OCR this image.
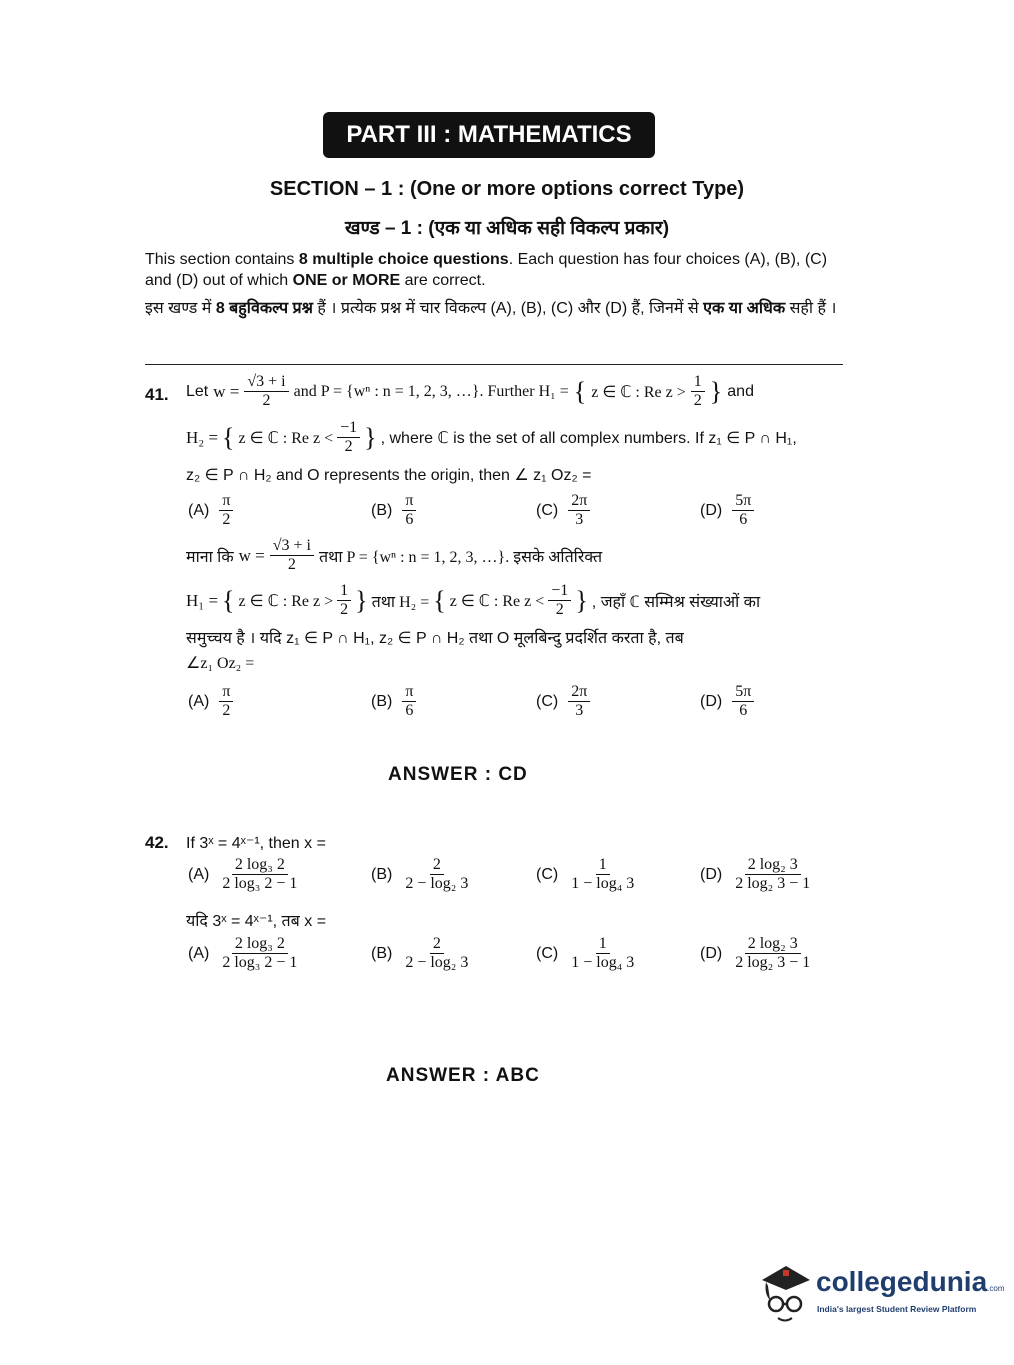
PART III : MATHEMATICS
SECTION – 1 : (One or more options correct Type)
खण्ड – 1 : (एक या अधिक सही विकल्प प्रकार)
This section contains 8 multiple choice questions. Each question has four choices (A), (B), (C) and (D) out of which ONE or MORE are correct.
इस खण्ड में 8 बहुविकल्प प्रश्न हैं । प्रत्येक प्रश्न में चार विकल्प (A), (B), (C) और (D) हैं, जिनमें से एक या अधिक सही हैं ।
41. Let $w = \frac{√3 + i}{2}$ and P = {wⁿ : n = 1, 2, 3, …}. Further H₁ = { z ∈ ℂ : Re $z > \frac{1}{2}$ } and
H₂ = { z ∈ ℂ : Re $z < \frac{-1}{2}$ } , where ℂ is the set of all complex numbers. If z₁ ∈ P ∩ H₁,
z₂ ∈ P ∩ H₂ and O represents the origin, then ∠ z₁ Oz₂ =
$(A) \frac{\pi}{2}$	$(B) \frac{\pi}{6}$	$(C) \frac{2\pi}{3}$	$(D) \frac{5\pi}{6}$
माना कि $w = \frac{√3 + i}{2}$ तथा P = {wⁿ : n = 1, 2, 3, …}. इसके अतिरिक्त
H₁ = { z ∈ ℂ : Re $z > \frac{1}{2}$ } तथा H₂ = { z ∈ ℂ : Re $z < \frac{-1}{2}$ } , जहाँ ℂ सम्मिश्र संख्याओं का
समुच्चय है । यदि z₁ ∈ P ∩ H₁, z₂ ∈ P ∩ H₂ तथा O मूलबिन्दु प्रदर्शित करता है, तब
∠z₁ Oz₂ =
$(A) \frac{\pi}{2}$	$(B) \frac{\pi}{6}$	$(C) \frac{2\pi}{3}$	$(D) \frac{5\pi}{6}$
ANSWER : CD
42. If 3ˣ = 4ˣ⁻¹, then x =
$(A) \frac{\text{2 log₃ 2}}{\text{2 log₃ 2 − 1}}$	$(B) \frac{2}{\text{2 − log₂ 3}}$	$(C) \frac{1}{\text{1 − log₄ 3}}$	$(D) \frac{\text{2 log₂ 3}}{\text{2 log₂ 3 − 1}}$
यदि 3ˣ = 4ˣ⁻¹, तब x =
$(A) \frac{\text{2 log₃ 2}}{\text{2 log₃ 2 − 1}}$	$(B) \frac{2}{\text{2 − log₂ 3}}$	$(C) \frac{1}{\text{1 − log₄ 3}}$	$(D) \frac{\text{2 log₂ 3}}{\text{2 log₂ 3 − 1}}$
ANSWER : ABC
collegedunia.com
India's largest Student Review Platform
